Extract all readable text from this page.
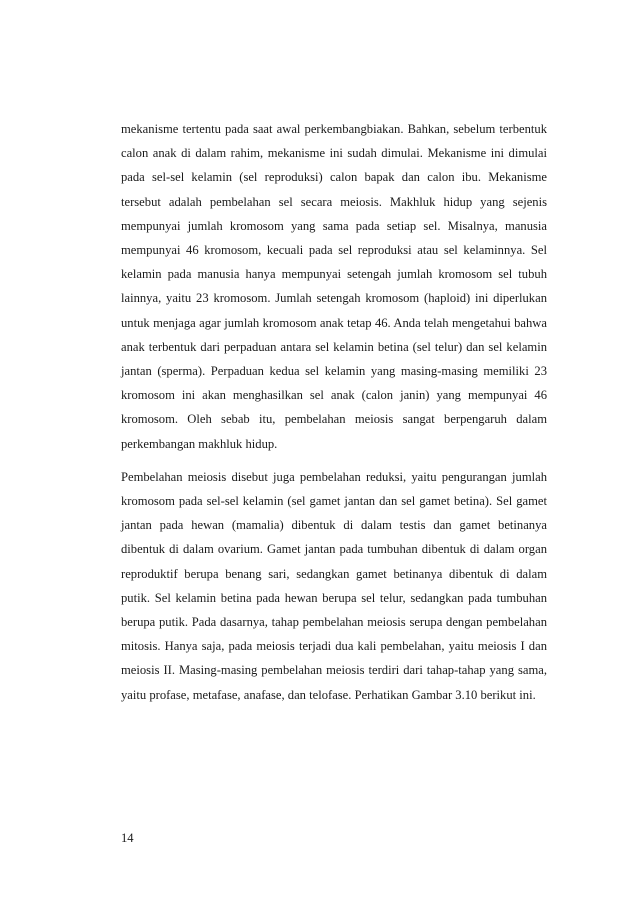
mekanisme tertentu pada saat awal perkembangbiakan. Bahkan, sebelum terbentuk calon anak di dalam rahim, mekanisme ini sudah dimulai. Mekanisme ini dimulai pada sel-sel kelamin (sel reproduksi) calon bapak dan calon ibu. Mekanisme tersebut adalah pembelahan sel secara meiosis. Makhluk hidup yang sejenis mempunyai jumlah kromosom yang sama pada setiap sel. Misalnya, manusia mempunyai 46 kromosom, kecuali pada sel reproduksi atau sel kelaminnya. Sel kelamin pada manusia hanya mempunyai setengah jumlah kromosom sel tubuh lainnya, yaitu 23 kromosom. Jumlah setengah kromosom (haploid) ini diperlukan untuk menjaga agar jumlah kromosom anak tetap 46. Anda telah mengetahui bahwa anak terbentuk dari perpaduan antara sel kelamin betina (sel telur) dan sel kelamin jantan (sperma). Perpaduan kedua sel kelamin yang masing-masing memiliki 23 kromosom ini akan menghasilkan sel anak (calon janin) yang mempunyai 46 kromosom. Oleh sebab itu, pembelahan meiosis sangat berpengaruh dalam perkembangan makhluk hidup.

Pembelahan meiosis disebut juga pembelahan reduksi, yaitu pengurangan jumlah kromosom pada sel-sel kelamin (sel gamet jantan dan sel gamet betina). Sel gamet jantan pada hewan (mamalia) dibentuk di dalam testis dan gamet betinanya dibentuk di dalam ovarium. Gamet jantan pada tumbuhan dibentuk di dalam organ reproduktif berupa benang sari, sedangkan gamet betinanya dibentuk di dalam putik. Sel kelamin betina pada hewan berupa sel telur, sedangkan pada tumbuhan berupa putik. Pada dasarnya, tahap pembelahan meiosis serupa dengan pembelahan mitosis. Hanya saja, pada meiosis terjadi dua kali pembelahan, yaitu meiosis I dan meiosis II. Masing-masing pembelahan meiosis terdiri dari tahap-tahap yang sama, yaitu profase, metafase, anafase, dan telofase. Perhatikan Gambar 3.10 berikut ini.

14
